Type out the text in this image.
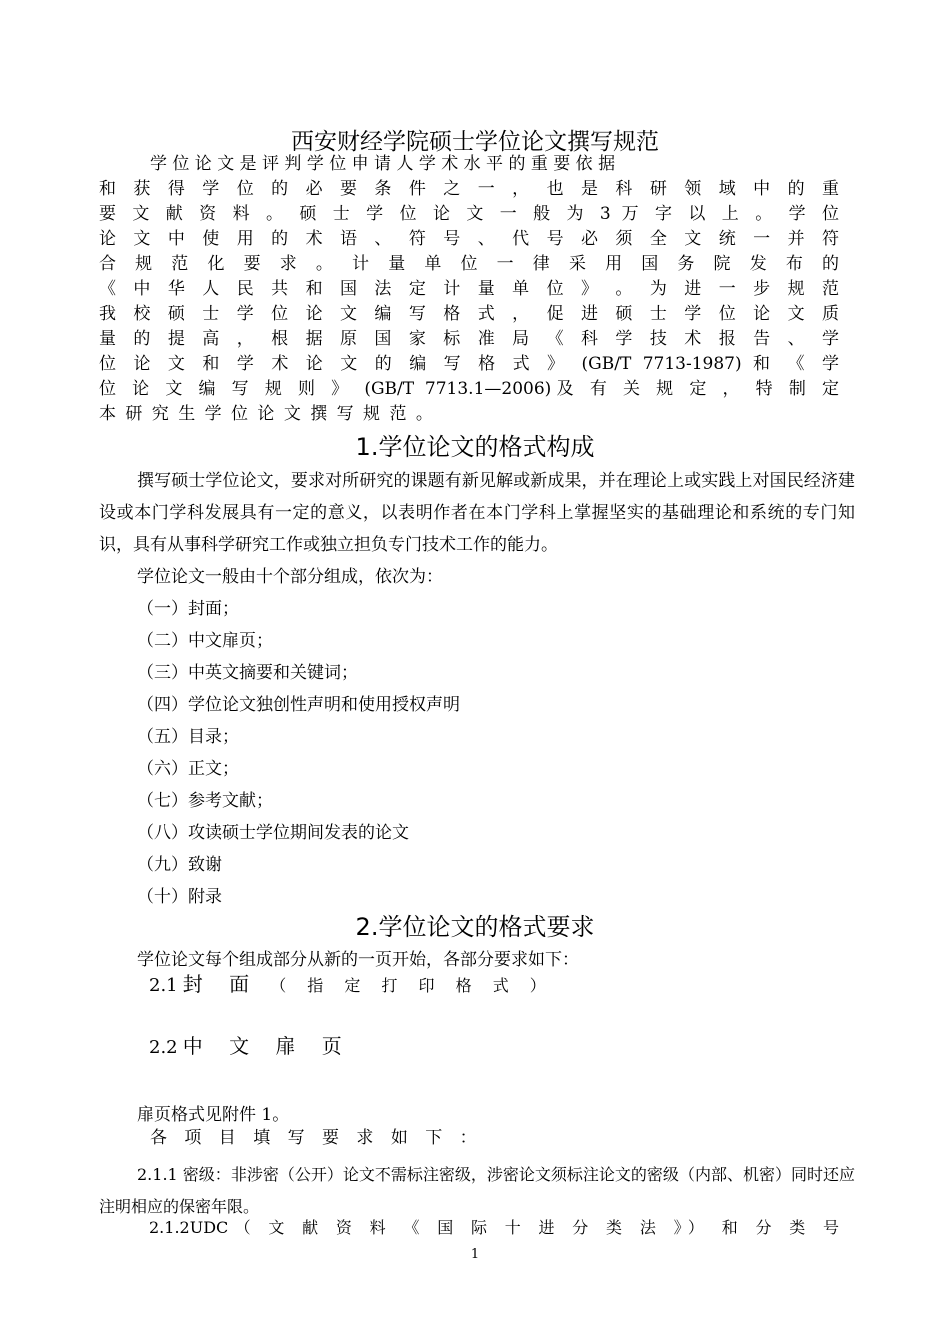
西安财经学院硕士学位论文撰写规范
学 位 论 文 是 评 判 学 位 申 请 人 学 术 水 平 的 重 要 依 据
和 获 得 学 位 的 必 要 条 件 之 一 ， 也 是 科 研 领 域 中 的 重
要 文 献 资 料 。 硕 士 学 位 论 文 一 般 为 3 万 字 以 上 。 学 位
论 文 中 使 用 的 术 语 、 符 号 、 代 号 必 须 全 文 统 一 并 符
合 规 范 化 要 求 。 计 量 单 位 一 律 采 用 国 务 院 发 布 的
《 中 华 人 民 共 和 国 法 定 计 量 单 位 》 。 为 进 一 步 规 范
我 校 硕 士 学 位 论 文 编 写 格 式 ， 促 进 硕 士 学 位 论 文 质
量 的 提 高 ， 根 据 原 国 家 标 准 局 《 科 学 技 术 报 告 、 学
位 论 文 和 学 术 论 文 的 编 写 格 式 》 (GB/T 7713-1987) 和 《 学
位 论 文 编 写 规 则 》 (GB/T 7713.1—2006)及 有 关 规 定 ， 特 制 定
本 研 究 生 学 位 论 文 撰 写 规 范 。
1.学位论文的格式构成
撰写硕士学位论文，要求对所研究的课题有新见解或新成果，并在理论上或实践上对国民经济建设或本门学科发展具有一定的意义，以表明作者在本门学科上掌握坚实的基础理论和系统的专门知识，具有从事科学研究工作或独立担负专门技术工作的能力。
学位论文一般由十个部分组成，依次为：
（一）封面；
（二）中文扉页；
（三）中英文摘要和关键词；
（四）学位论文独创性声明和使用授权声明
（五）目录；
（六）正文；
（七）参考文献；
（八）攻读硕士学位期间发表的论文
（九）致谢
（十）附录
2.学位论文的格式要求
学位论文每个组成部分从新的一页开始，各部分要求如下：
2.1 封 面 （ 指 定 打 印 格 式 ）
2.2 中 文 扉 页
扉页格式见附件 1。
各 项 目 填 写 要 求 如 下 ：
2.1.1 密级：非涉密（公开）论文不需标注密级，涉密论文须标注论文的密级（内部、机密）同时还应注明相应的保密年限。
2.1.2UDC（ 文 献 资 料 《 国 际 十 进 分 类 法 》） 和 分 类 号
1
